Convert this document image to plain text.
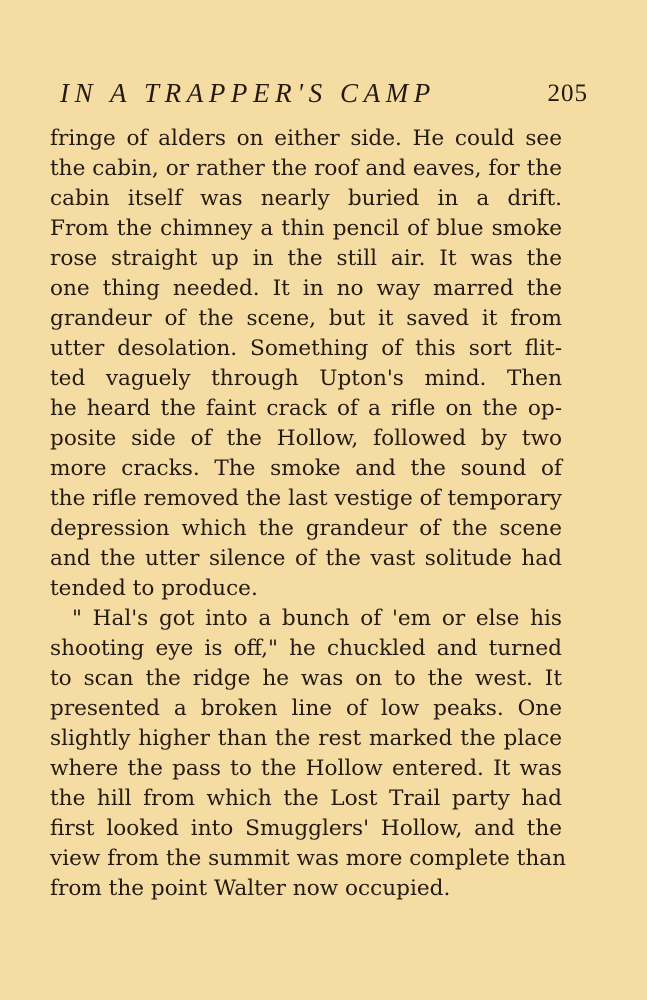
IN A TRAPPER'S CAMP	205
fringe of alders on either side. He could see
the cabin, or rather the roof and eaves, for the
cabin itself was nearly buried in a drift.
From the chimney a thin pencil of blue smoke
rose straight up in the still air. It was the
one thing needed. It in no way marred the
grandeur of the scene, but it saved it from
utter desolation. Something of this sort flit-
ted vaguely through Upton's mind. Then
he heard the faint crack of a rifle on the op-
posite side of the Hollow, followed by two
more cracks. The smoke and the sound of
the rifle removed the last vestige of temporary
depression which the grandeur of the scene
and the utter silence of the vast solitude had
tended to produce.
" Hal's got into a bunch of 'em or else his
shooting eye is off," he chuckled and turned
to scan the ridge he was on to the west. It
presented a broken line of low peaks. One
slightly higher than the rest marked the place
where the pass to the Hollow entered. It was
the hill from which the Lost Trail party had
first looked into Smugglers' Hollow, and the
view from the summit was more complete than
from the point Walter now occupied.
